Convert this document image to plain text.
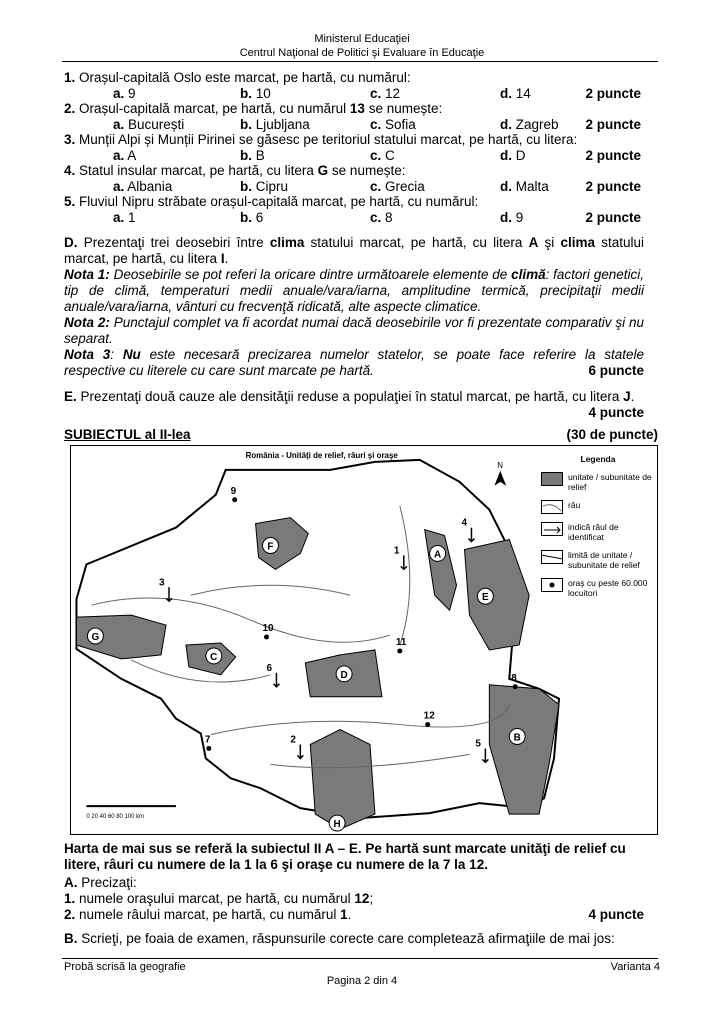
Ministerul Educaţiei
Centrul Naţional de Politici şi Evaluare în Educaţie
1. Orașul-capitală Oslo este marcat, pe hartă, cu numărul:
a. 9	b. 10	c. 12	d. 14	2 puncte
2. Orașul-capitală marcat, pe hartă, cu numărul 13 se numește:
a. București	b. Ljubljana	c. Sofia	d. Zagreb 2 puncte
3. Munții Alpi și Munții Pirinei se găsesc pe teritoriul statului marcat, pe hartă, cu litera:
a. A	b. B	c. C	d. D	2 puncte
4. Statul insular marcat, pe hartă, cu litera G se numește:
a. Albania	b. Cipru	c. Grecia	d. Malta	2 puncte
5. Fluviul Nipru străbate orașul-capitală marcat, pe hartă, cu numărul:
a. 1	b. 6	c. 8	d. 9	2 puncte
D. Prezentaţi trei deosebiri între clima statului marcat, pe hartă, cu litera A şi clima statului marcat, pe hartă, cu litera I.
Nota 1: Deosebirile se pot referi la oricare dintre următoarele elemente de climă: factori genetici, tip de climă, temperaturi medii anuale/vara/iarna, amplitudine termică, precipitaţii medii anuale/vara/iarna, vânturi cu frecvenţă ridicată, alte aspecte climatice.
Nota 2: Punctajul complet va fi acordat numai dacă deosebirile vor fi prezentate comparativ şi nu separat.
Nota 3: Nu este necesară precizarea numelor statelor, se poate face referire la statele respective cu literele cu care sunt marcate pe hartă.	6 puncte
E. Prezentaţi două cauze ale densităţii reduse a populaţiei în statul marcat, pe hartă, cu litera J.
4 puncte
SUBIECTUL al II-lea	(30 de puncte)
România - Unităţi de relief, râuri şi oraşe
A
B
C
D
E
F
G
H
1
2
3
4
5
6
7
8
9
10
11
12
N
0 20 40 60 80 100 km
Legenda
unitate / subunitate de relief
râu
indică râul de identificat
limită de unitate / subunitate de relief
oraş cu peste 60.000 locuitori
Harta de mai sus se referă la subiectul II A – E. Pe hartă sunt marcate unităţi de relief cu litere, râuri cu numere de la 1 la 6 şi oraşe cu numere de la 7 la 12.
A. Precizaţi:
1. numele oraşului marcat, pe hartă, cu numărul 12;
2. numele râului marcat, pe hartă, cu numărul 1.	4 puncte
B. Scrieţi, pe foaia de examen, răspunsurile corecte care completează afirmaţiile de mai jos:
Probă scrisă la geografie
Pagina 2 din 4
Varianta 4
